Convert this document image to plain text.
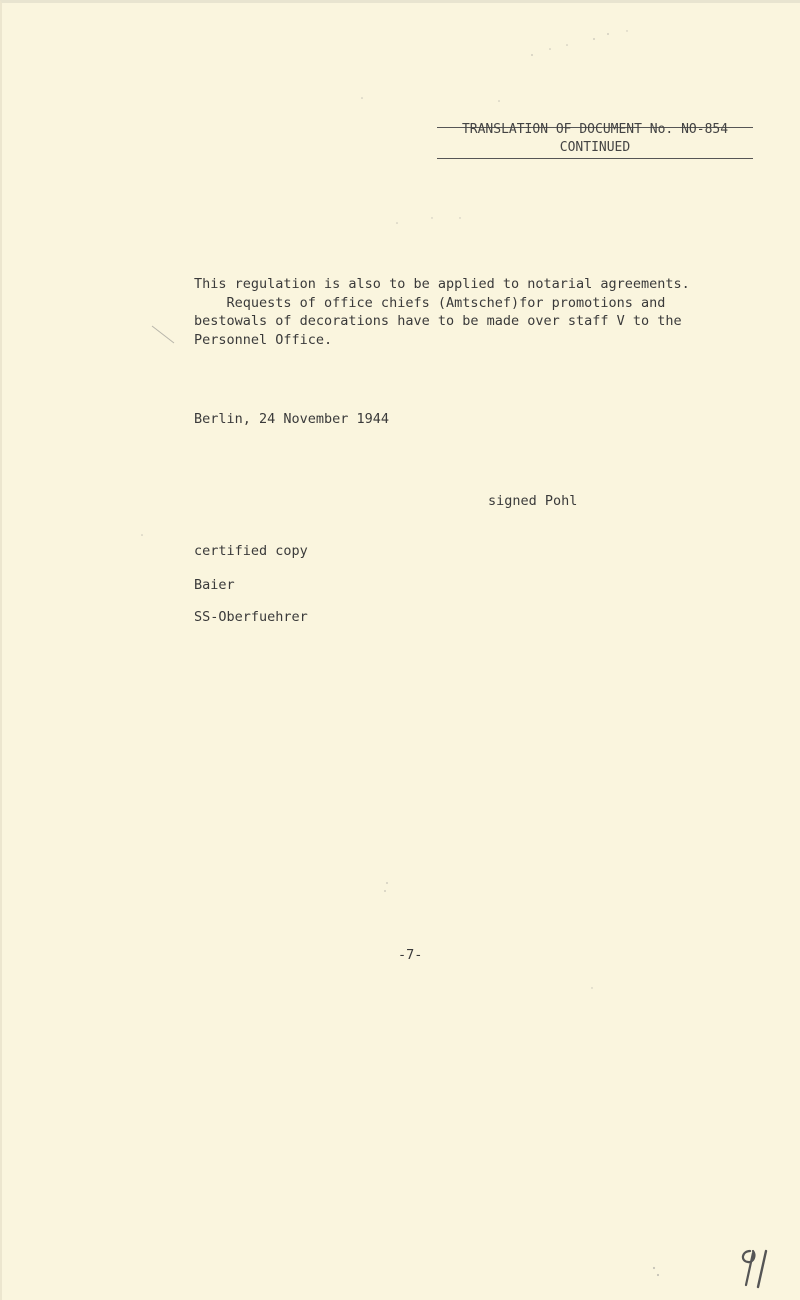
TRANSLATION OF DOCUMENT No. NO-854
CONTINUED
This regulation is also to be applied to notarial agreements.
Requests of office chiefs (Amtschef)for promotions and
bestowals of decorations have to be made over staff V to the
Personnel Office.
Berlin, 24 November 1944
signed Pohl
certified copy
Baier
SS-Oberfuehrer
-7-
